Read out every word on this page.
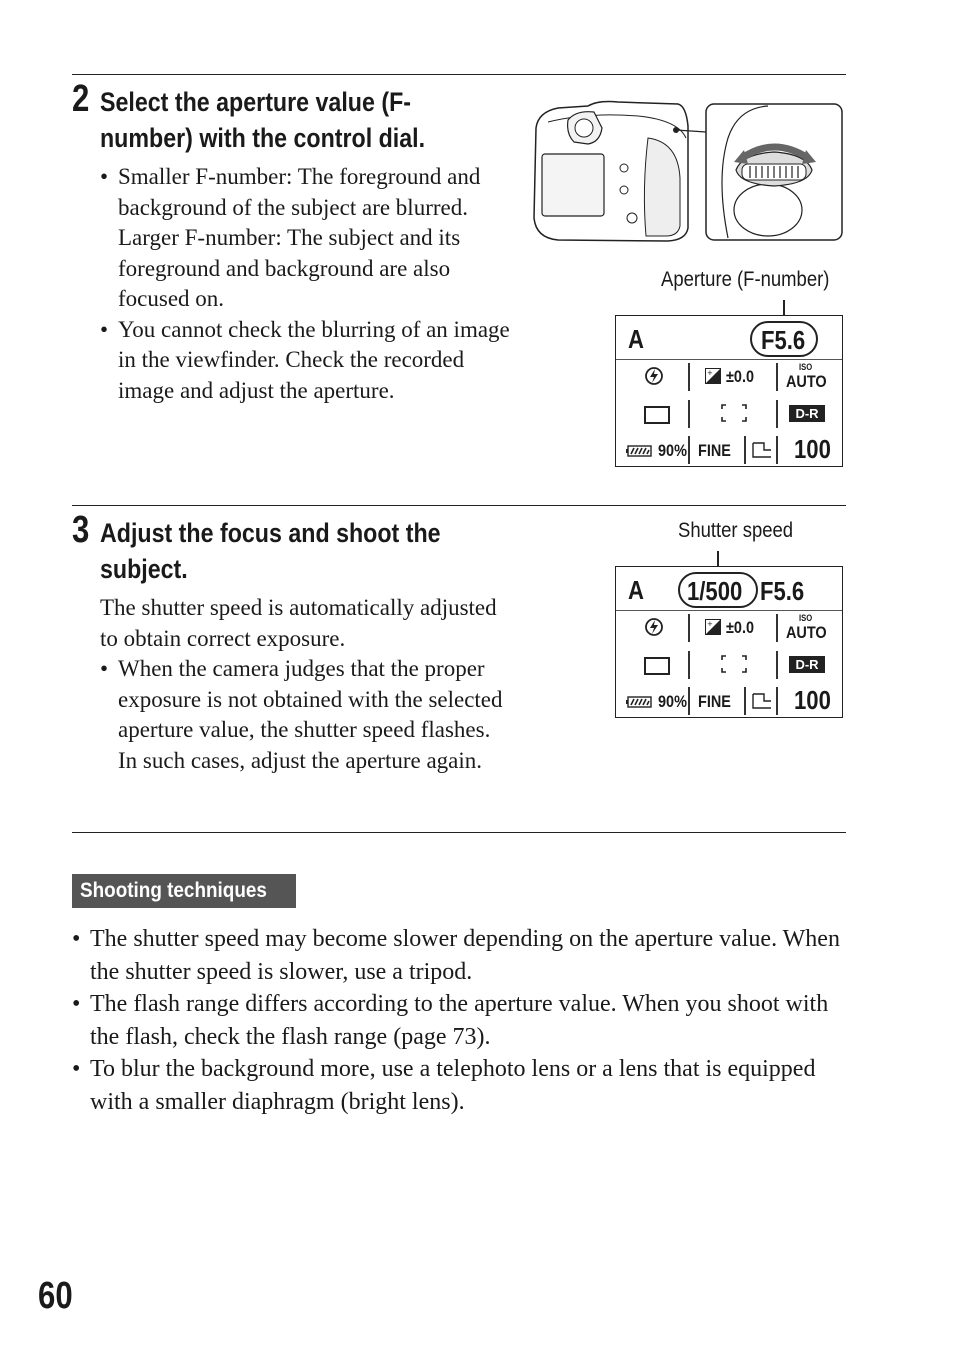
2 Select the aperture value (F-number) with the control dial.
• Smaller F-number: The foreground and background of the subject are blurred. Larger F-number: The subject and its foreground and background are also focused on.
• You cannot check the blurring of an image in the viewfinder. Check the recorded image and adjust the aperture.
Aperture (F-number)
A	F5.6
+ ±0.0	ISO
AUTO
D-R
90% FINE 100
3 Adjust the focus and shoot the subject.
The shutter speed is automatically adjusted to obtain correct exposure.
• When the camera judges that the proper exposure is not obtained with the selected aperture value, the shutter speed flashes. In such cases, adjust the aperture again.
Shutter speed
A 1/500 F5.6
+ ±0.0	ISO
AUTO
D-R
90% FINE 100
Shooting techniques
• The shutter speed may become slower depending on the aperture value. When the shutter speed is slower, use a tripod.
• The flash range differs according to the aperture value. When you shoot with the flash, check the flash range (page 73).
• To blur the background more, use a telephoto lens or a lens that is equipped with a smaller diaphragm (bright lens).
60
